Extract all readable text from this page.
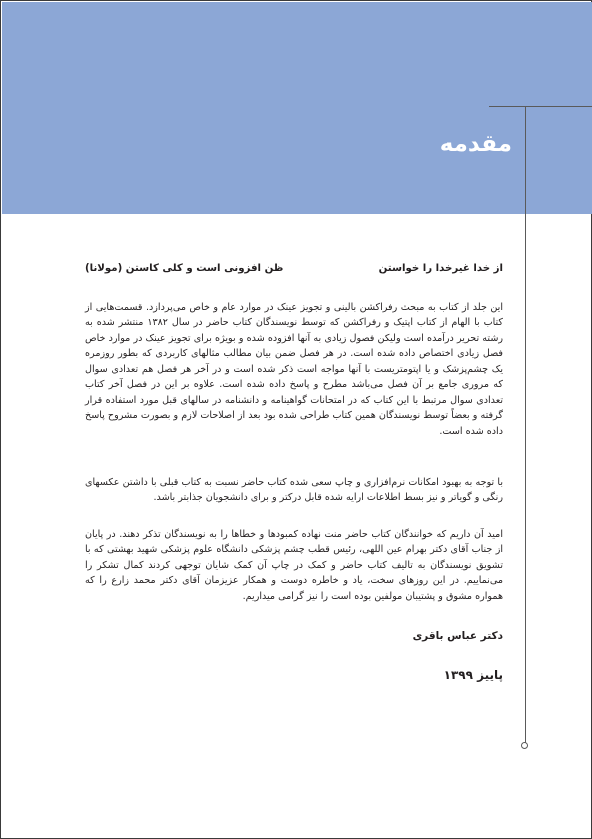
مقدمه
از خدا غیرخدا را خواستن
ظن افزونی است و کلی کاستن (مولانا)

این جلد از کتاب به مبحث رفراکشن بالینی و تجویز عینک در موارد عام و خاص می‌پردازد. قسمت‌هایی از کتاب با الهام از کتاب اپتیک و رفراکشن که توسط نویسندگان کتاب حاضر در سال ۱۳۸۲ منتشر شده به رشته تحریر درآمده است ولیکن فصول زیادی به آنها افزوده شده و بویژه برای تجویز عینک در موارد خاص فصل زیادی اختصاص داده شده است. در هر فصل ضمن بیان مطالب مثالهای کاربردی که بطور روزمره یک چشم‌پزشک و یا اپتومتریست با آنها مواجه است ذکر شده است و در آخر هر فصل هم تعدادی سوال که مروری جامع بر آن فصل می‌باشد مطرح و پاسخ داده شده است. علاوه بر این در فصل آخر کتاب تعدادی سوال مرتبط با این کتاب که در امتحانات گواهینامه و دانشنامه در سالهای قبل مورد استفاده قرار گرفته و بعضاً توسط نویسندگان همین کتاب طراحی شده بود بعد از اصلاحات لازم و بصورت مشروح پاسخ داده شده است.

با توجه به بهبود امکانات نرم‌افزاری و چاپ سعی شده کتاب حاضر نسبت به کتاب قبلی با داشتن عکسهای رنگی و گویاتر و نیز بسط اطلاعات ارایه شده قابل درکتر و برای دانشجویان جذابتر باشد.

امید آن داریم که خوانندگان کتاب حاضر منت نهاده کمبودها و خطاها را به نویسندگان تذکر دهند. در پایان از جناب آقای دکتر بهرام عین اللهی، رئیس قطب چشم پزشکی دانشگاه علوم پزشکی شهید بهشتی که با تشویق نویسندگان به تالیف کتاب حاضر و کمک در چاپ آن کمک شایان توجهی کردند کمال تشکر را می‌نماییم. در این روزهای سخت، یاد و خاطره دوست و همکار عزیزمان آقای دکتر محمد زارع را که همواره مشوق و پشتیبان مولفین بوده است را نیز گرامی میداریم.

دکتر عباس باقری

پاییز ۱۳۹۹
